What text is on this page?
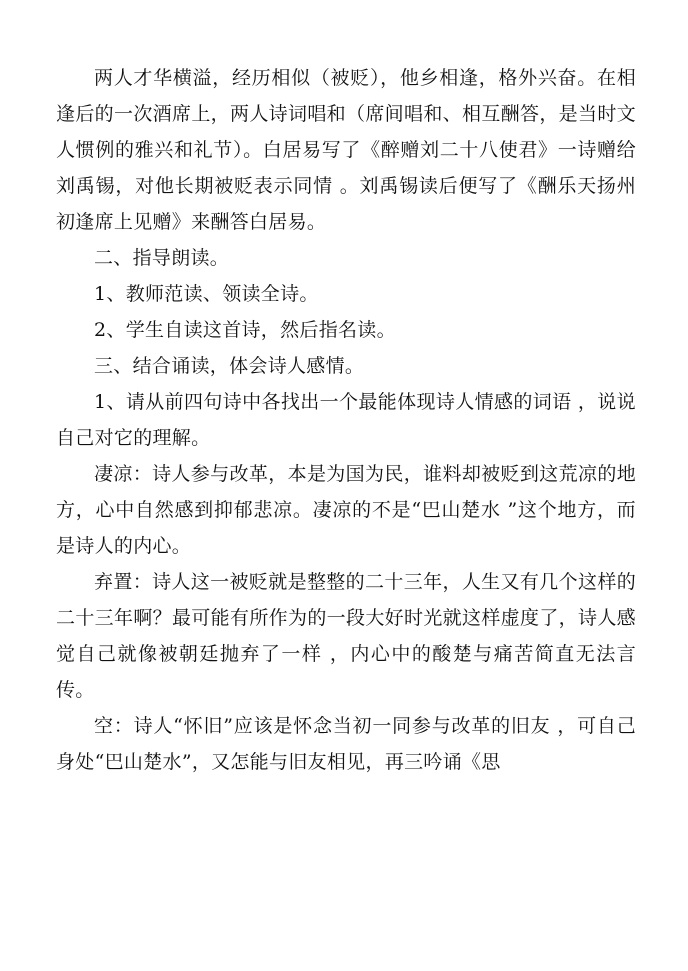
两人才华横溢，经历相似（被贬），他乡相逢，格外兴奋。在相逢后的一次酒席上，两人诗词唱和（席间唱和、相互酬答，是当时文人惯例的雅兴和礼节）。白居易写了《醉赠刘二十八使君》一诗赠给刘禹锡，对他长期被贬表示同情 。刘禹锡读后便写了《酬乐天扬州初逢席上见赠》来酬答白居易。

二、指导朗读。

1、教师范读、领读全诗。

2、学生自读这首诗，然后指名读。

三、结合诵读，体会诗人感情。

1、请从前四句诗中各找出一个最能体现诗人情感的词语 ，说说自己对它的理解。

凄凉：诗人参与改革，本是为国为民，谁料却被贬到这荒凉的地方，心中自然感到抑郁悲凉。凄凉的不是“巴山楚水 ”这个地方，而是诗人的内心。

弃置：诗人这一被贬就是整整的二十三年，人生又有几个这样的二十三年啊？最可能有所作为的一段大好时光就这样虚度了，诗人感觉自己就像被朝廷抛弃了一样 ，内心中的酸楚与痛苦简直无法言传。

空：诗人“怀旧”应该是怀念当初一同参与改革的旧友 ，可自己身处“巴山楚水”，又怎能与旧友相见，再三吟诵《思
